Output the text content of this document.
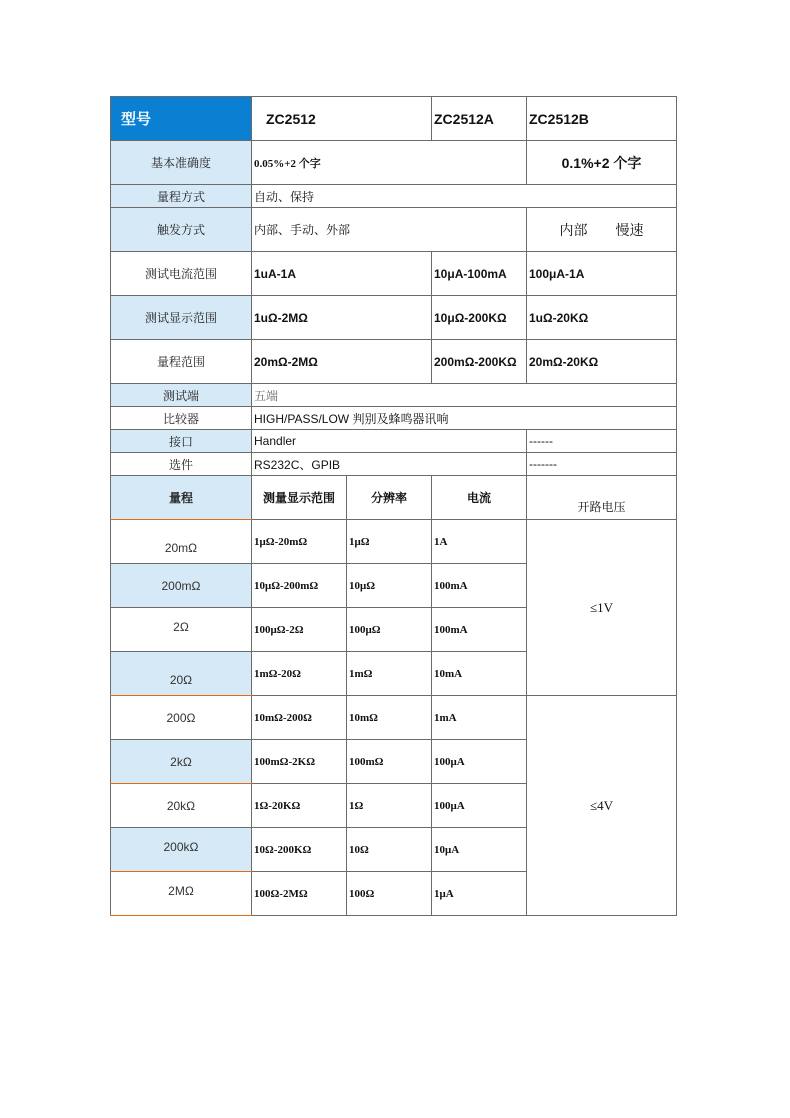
型号	ZC2512		ZC2512A	ZC2512B
基本准确度	0.05%+2 个字			0.1%+2 个字
量程方式	自动、保持			
触发方式	内部、手动、外部			内部　　慢速
测试电流范围	1uA-1A		10μA-100mA	100μA-1A
测试显示范围	1uΩ-2MΩ		10μΩ-200KΩ	1uΩ-20KΩ
量程范围	20mΩ-2MΩ		200mΩ-200KΩ	20mΩ-20KΩ
测试端	五端			
比较器	HIGH/PASS/LOW 判别及蜂鸣器讯响			
接口	Handler			------
选件	RS232C、GPIB			-------
量程	测量显示范围	分辨率	电流	开路电压
20mΩ	1μΩ-20mΩ	1μΩ	1A	≤1V
200mΩ	10μΩ-200mΩ	10μΩ	100mA	
2Ω	100μΩ-2Ω	100μΩ	100mA	
20Ω	1mΩ-20Ω	1mΩ	10mA	
200Ω	10mΩ-200Ω	10mΩ	1mA	≤4V
2kΩ	100mΩ-2KΩ	100mΩ	100μA	
20kΩ	1Ω-20KΩ	1Ω	100μA	
200kΩ	10Ω-200KΩ	10Ω	10μA	
2MΩ	100Ω-2MΩ	100Ω	1μA	
